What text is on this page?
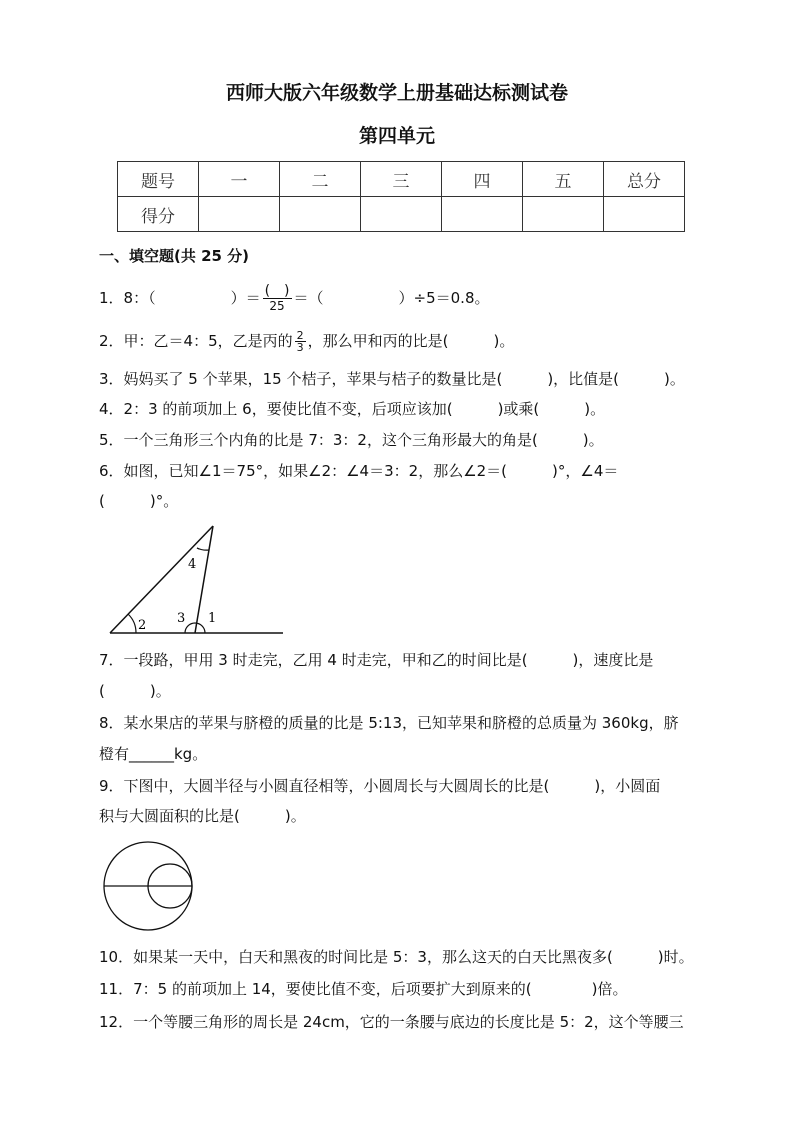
西师大版六年级数学上册基础达标测试卷
第四单元
题号	一	二	三	四	五	总分
得分						
一、填空题(共 25 分)
1．8：（　　　　　）＝ $\frac{( )}{25}$ ＝（　　　　　）÷5＝0.8。
2．甲：乙＝4：5，乙是丙的 $\frac{2}{3}$ ，那么甲和丙的比是(　　　)。
3．妈妈买了 5 个苹果，15 个桔子，苹果与桔子的数量比是(　　　)，比值是(　　　)。
4．2：3 的前项加上 6，要使比值不变，后项应该加(　　　)或乘(　　　)。
5．一个三角形三个内角的比是 7：3：2，这个三角形最大的角是(　　　)。
6．如图，已知∠1＝75°，如果∠2：∠4＝3：2，那么∠2＝(　　　)°，∠4＝
(　　　)°。
2
4
3 1
7．一段路，甲用 3 时走完，乙用 4 时走完，甲和乙的时间比是(　　　)，速度比是
(　　　)。
8．某水果店的苹果与脐橙的质量的比是 5:13，已知苹果和脐橙的总质量为 360kg，脐
橙有______kg。
9．下图中，大圆半径与小圆直径相等，小圆周长与大圆周长的比是(　　　)，小圆面
积与大圆面积的比是(　　　)。
10．如果某一天中，白天和黑夜的时间比是 5：3，那么这天的白天比黑夜多(　　　)时。
11．7：5 的前项加上 14，要使比值不变，后项要扩大到原来的(　　　　)倍。
12．一个等腰三角形的周长是 24cm，它的一条腰与底边的长度比是 5：2，这个等腰三
